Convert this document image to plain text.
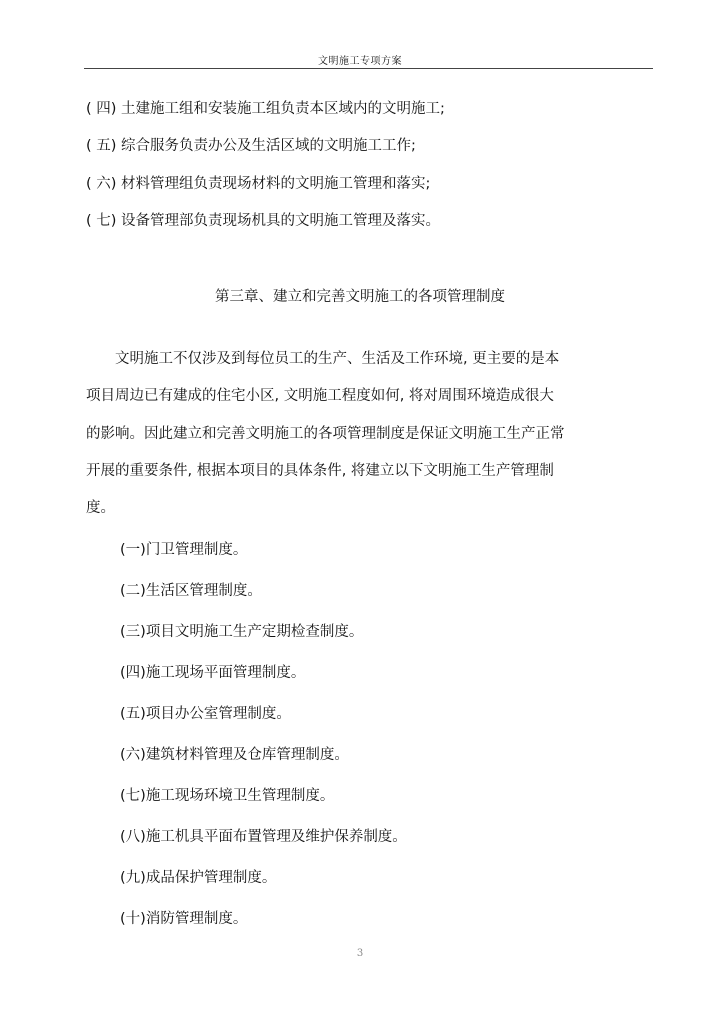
文明施工专项方案
( 四) 土建施工组和安装施工组负责本区域内的文明施工;
( 五) 综合服务负责办公及生活区域的文明施工工作;
( 六) 材料管理组负责现场材料的文明施工管理和落实;
( 七) 设备管理部负责现场机具的文明施工管理及落实。
第三章、建立和完善文明施工的各项管理制度
文明施工不仅涉及到每位员工的生产、生活及工作环境, 更主要的是本
项目周边已有建成的住宅小区, 文明施工程度如何, 将对周围环境造成很大
的影响。因此建立和完善文明施工的各项管理制度是保证文明施工生产正常
开展的重要条件, 根据本项目的具体条件, 将建立以下文明施工生产管理制
度。
(一)门卫管理制度。
(二)生活区管理制度。
(三)项目文明施工生产定期检查制度。
(四)施工现场平面管理制度。
(五)项目办公室管理制度。
(六)建筑材料管理及仓库管理制度。
(七)施工现场环境卫生管理制度。
(八)施工机具平面布置管理及维护保养制度。
(九)成品保护管理制度。
(十)消防管理制度。
3
